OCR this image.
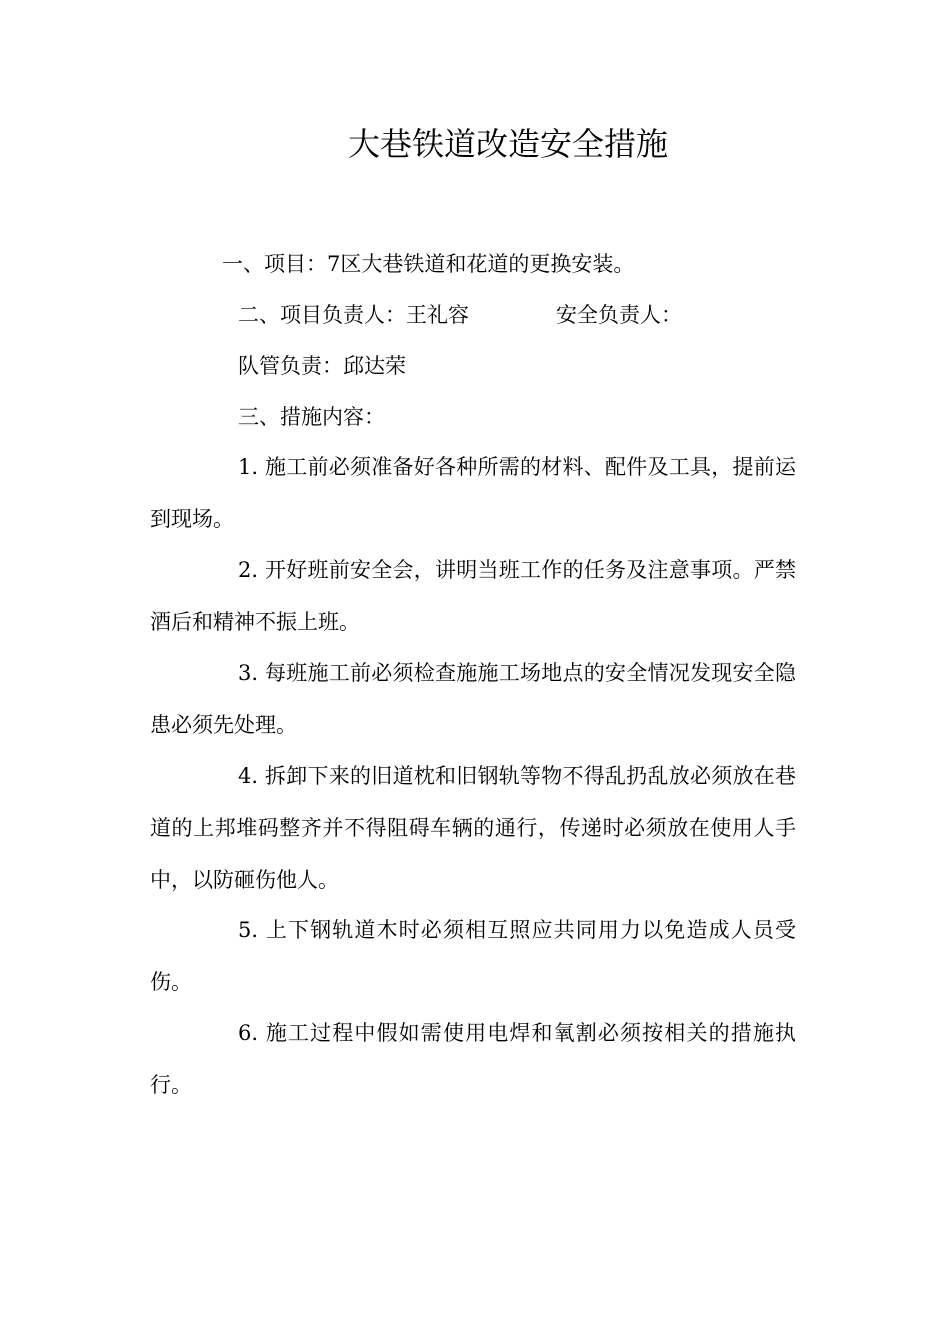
大巷铁道改造安全措施
一、项目：7区大巷铁道和花道的更换安装。
二、项目负责人：王礼容	安全负责人：
队管负责：邱达荣
三、措施内容：
1. 施工前必须准备好各种所需的材料、配件及工具，提前运到现场。
2. 开好班前安全会，讲明当班工作的任务及注意事项。严禁酒后和精神不振上班。
3. 每班施工前必须检查施施工场地点的安全情况发现安全隐患必须先处理。
4. 拆卸下来的旧道枕和旧钢轨等物不得乱扔乱放必须放在巷道的上邦堆码整齐并不得阻碍车辆的通行，传递时必须放在使用人手中，以防砸伤他人。
5. 上下钢轨道木时必须相互照应共同用力以免造成人员受伤。
6. 施工过程中假如需使用电焊和氧割必须按相关的措施执行。
